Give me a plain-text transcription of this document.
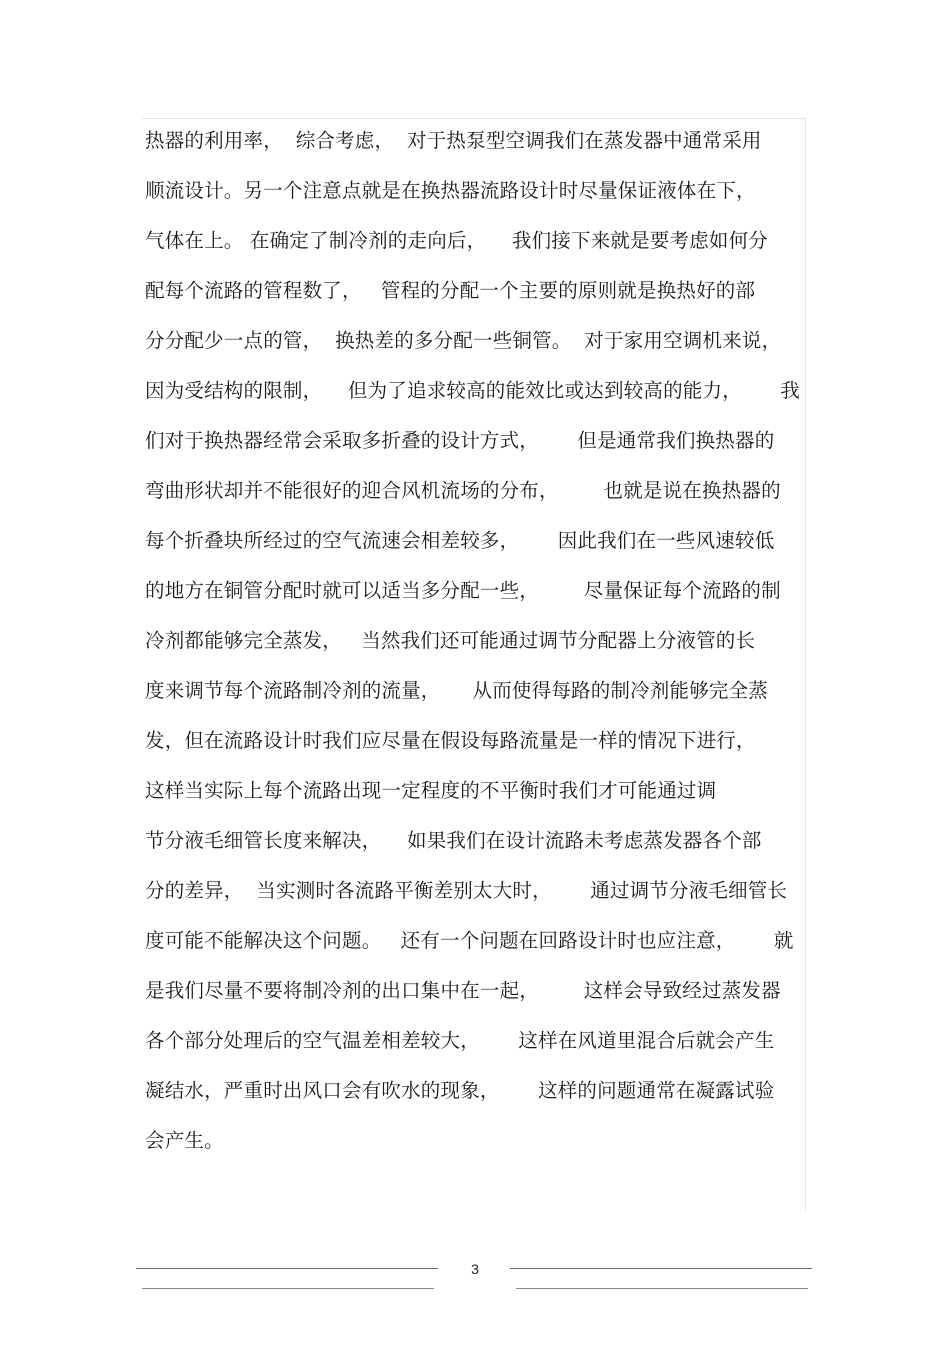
热器的利用率，  综合考虑，  对于热泵型空调我们在蒸发器中通常采用
顺流设计。另一个注意点就是在换热器流路设计时尽量保证液体在下，
气体在上。 在确定了制冷剂的走向后，    我们接下来就是要考虑如何分
配每个流路的管程数了，   管程的分配一个主要的原则就是换热好的部
分分配少一点的管，  换热差的多分配一些铜管。  对于家用空调机来说，
因为受结构的限制，    但为了追求较高的能效比或达到较高的能力，      我
们对于换热器经常会采取多折叠的设计方式，      但是通常我们换热器的
弯曲形状却并不能很好的迎合风机流场的分布，       也就是说在换热器的
每个折叠块所经过的空气流速会相差较多，      因此我们在一些风速较低
的地方在铜管分配时就可以适当多分配一些，       尽量保证每个流路的制
冷剂都能够完全蒸发，   当然我们还可能通过调节分配器上分液管的长
度来调节每个流路制冷剂的流量，     从而使得每路的制冷剂能够完全蒸
发，但在流路设计时我们应尽量在假设每路流量是一样的情况下进行，
这样当实际上每个流路出现一定程度的不平衡时我们才可能通过调
节分液毛细管长度来解决，    如果我们在设计流路未考虑蒸发器各个部
分的差异，  当实测时各流路平衡差别太大时，      通过调节分液毛细管长
度可能不能解决这个问题。   还有一个问题在回路设计时也应注意，      就
是我们尽量不要将制冷剂的出口集中在一起，       这样会导致经过蒸发器
各个部分处理后的空气温差相差较大，      这样在风道里混合后就会产生
凝结水，严重时出风口会有吹水的现象，      这样的问题通常在凝露试验
会产生。
3
